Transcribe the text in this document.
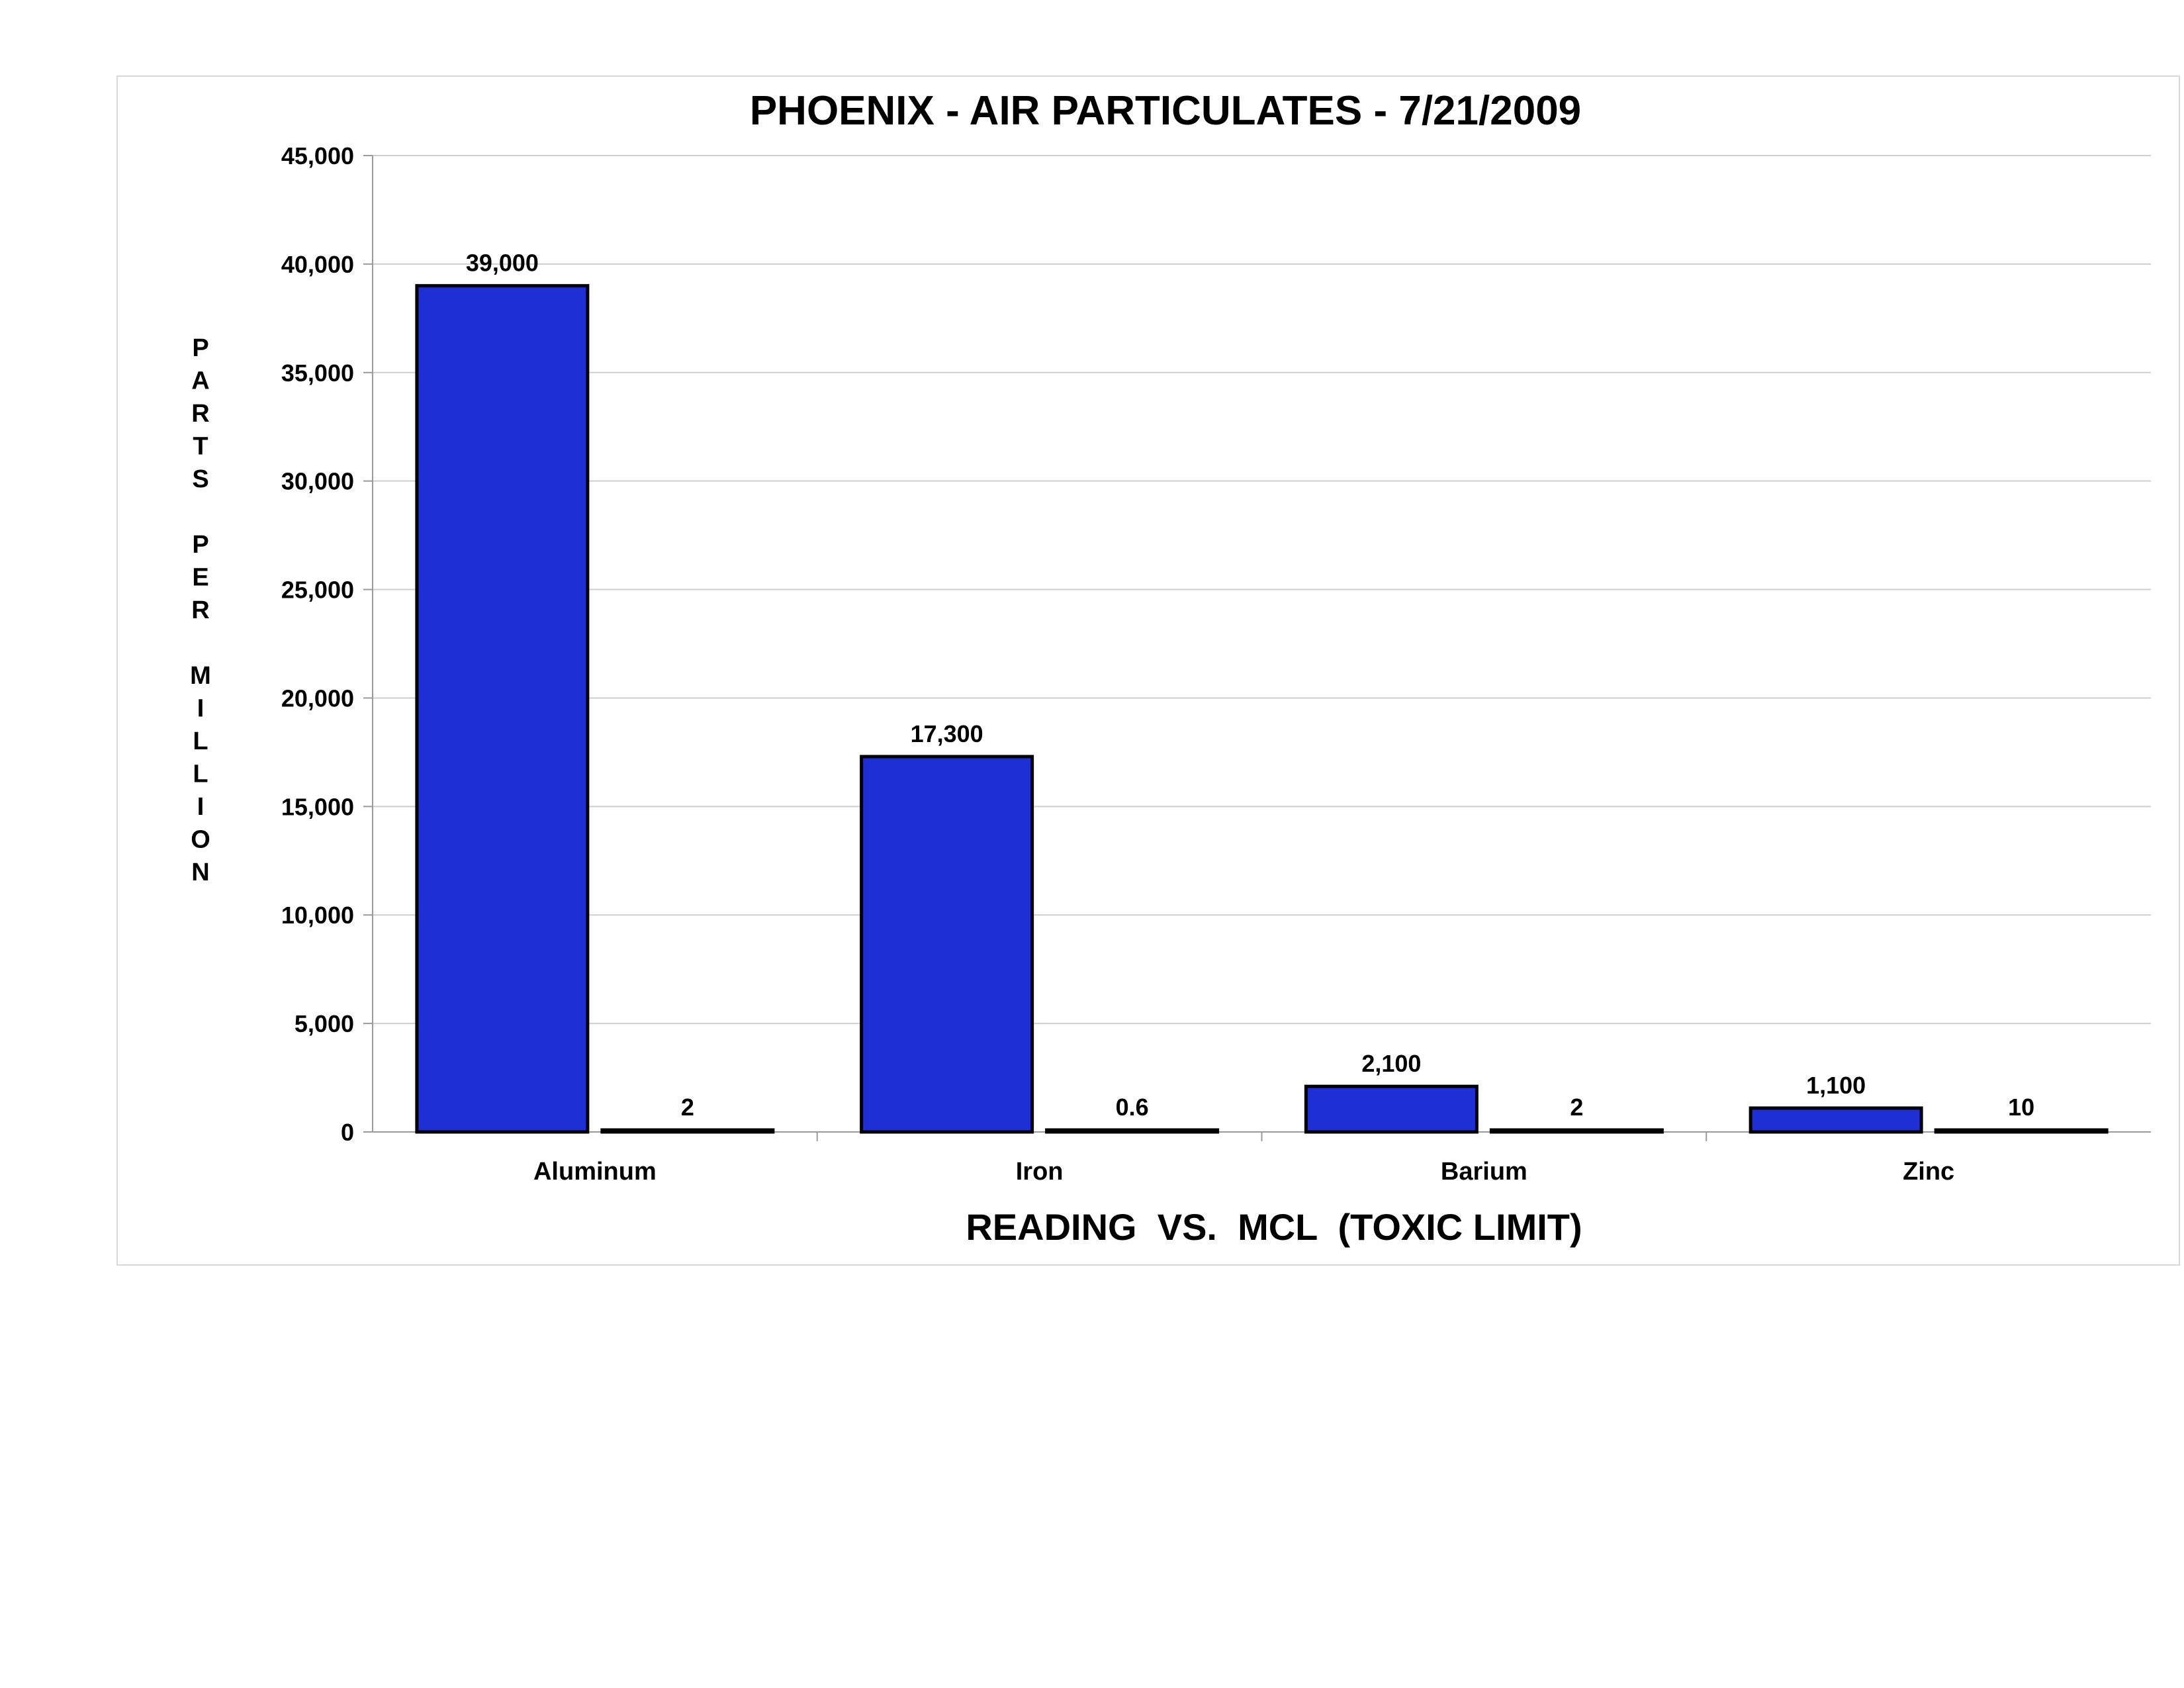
39,000
2
17,300
0.6
2,100
2
1,100
10
0
5,000
10,000
15,000
20,000
25,000
30,000
35,000
40,000
45,000
Aluminum	Iron	Barium	Zinc
PHOENIX - AIR PARTICULATES - 7/21/2009
READING  VS.  MCL  (TOXIC LIMIT)
P
A
R
T
S
P
E
R
M
I
L
L
I
O
N
